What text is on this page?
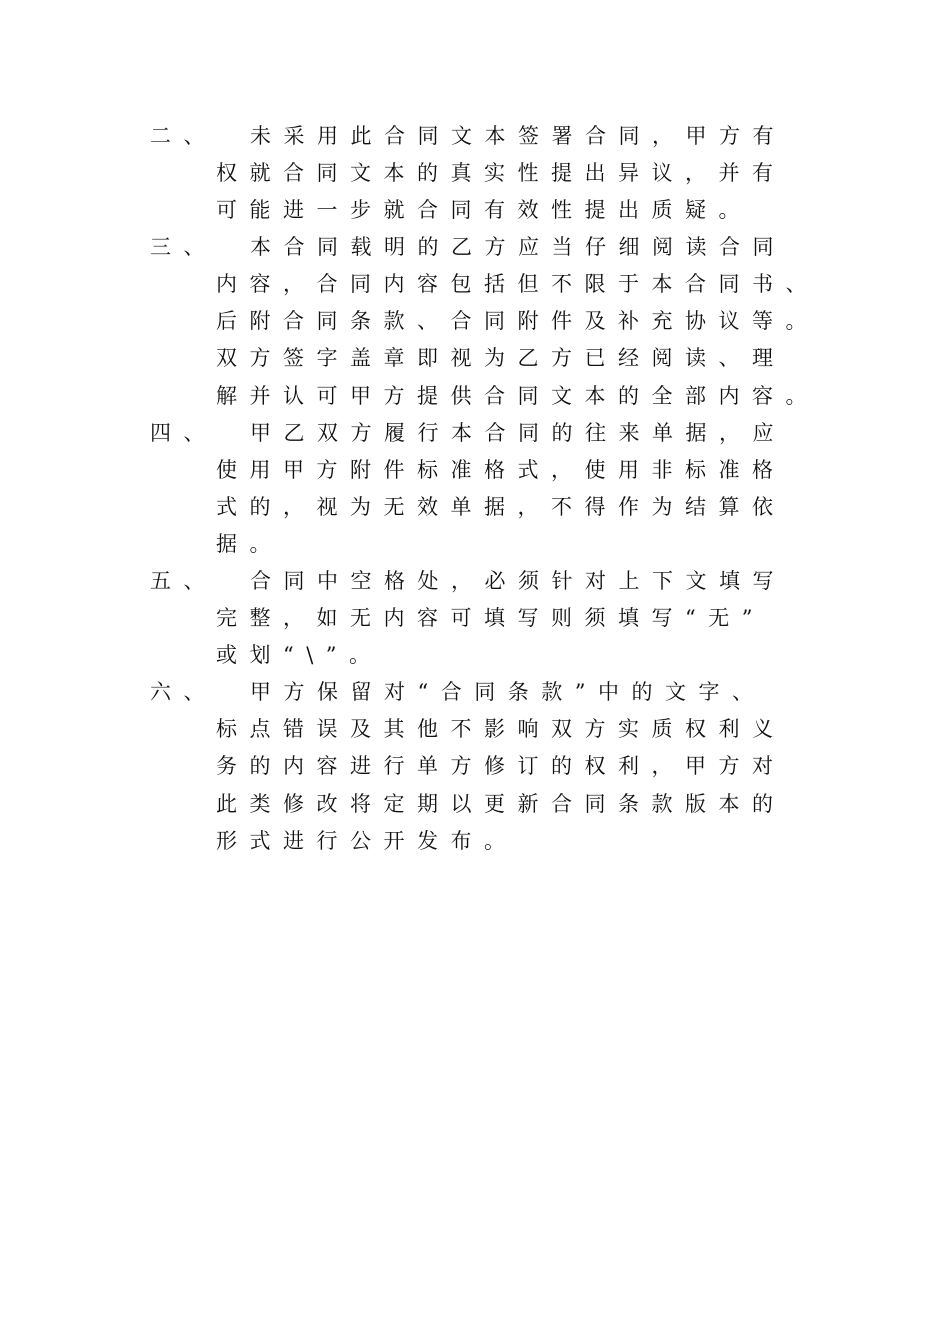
二、 未采用此合同文本签署合同，甲方有
权就合同文本的真实性提出异议，并有
可能进一步就合同有效性提出质疑。
三、 本合同载明的乙方应当仔细阅读合同
内容，合同内容包括但不限于本合同书、
后附合同条款、合同附件及补充协议等。
双方签字盖章即视为乙方已经阅读、理
解并认可甲方提供合同文本的全部内容。
四、 甲乙双方履行本合同的往来单据，应
使用甲方附件标准格式，使用非标准格
式的，视为无效单据，不得作为结算依
据。
五、 合同中空格处，必须针对上下文填写
完整，如无内容可填写则须填写“无”
或划“\”。
六、 甲方保留对“合同条款”中的文字、
标点错误及其他不影响双方实质权利义
务的内容进行单方修订的权利，甲方对
此类修改将定期以更新合同条款版本的
形式进行公开发布。
